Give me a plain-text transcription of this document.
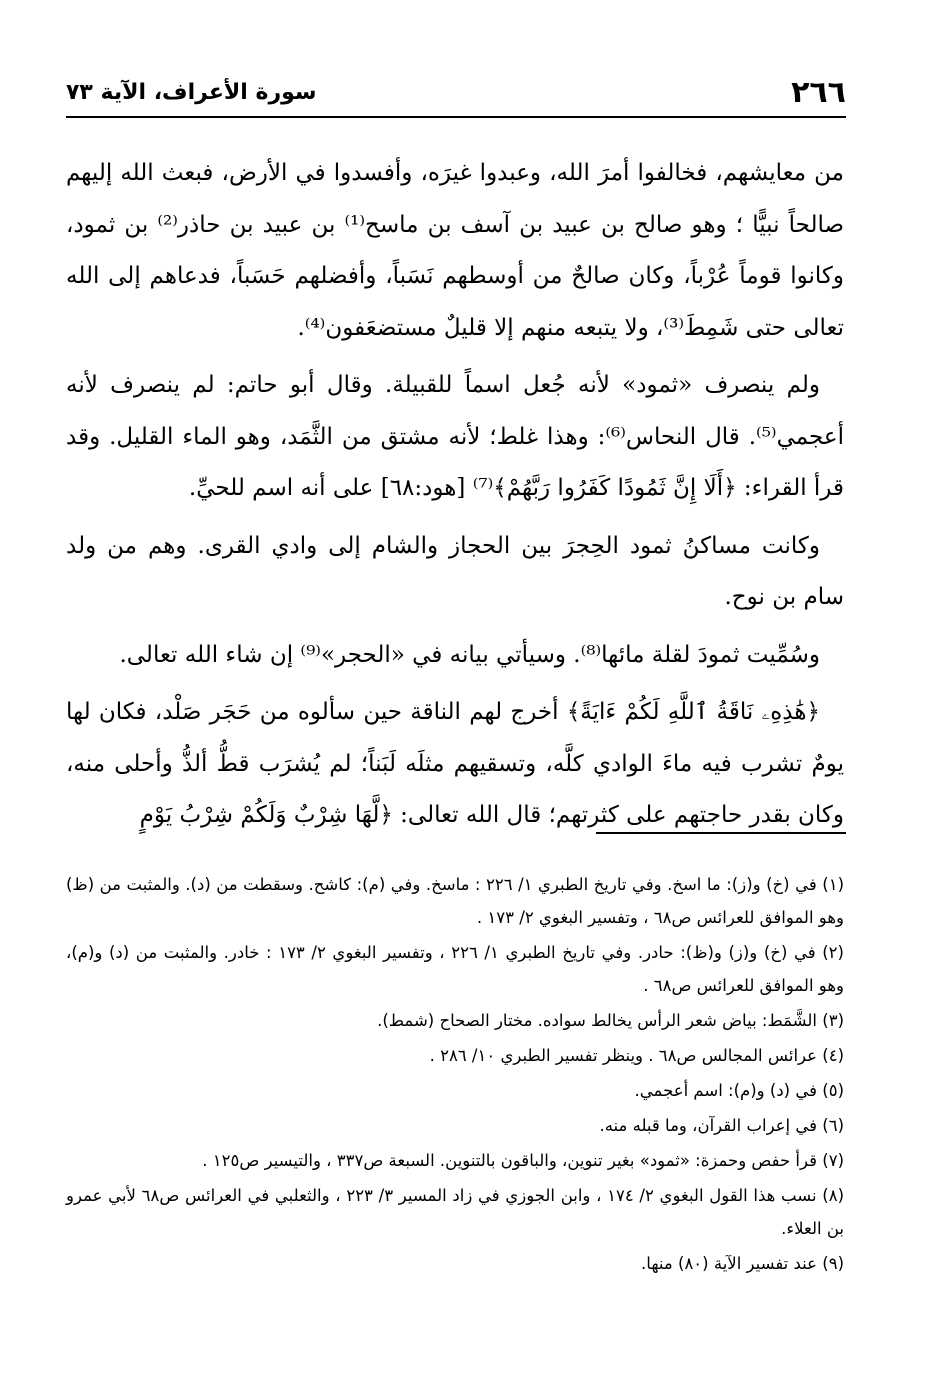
٢٦٦
سورة الأعراف، الآية ٧٣

من معايشهم، فخالفوا أمرَ الله، وعبدوا غيرَه، وأفسدوا في الأرض، فبعث الله إليهم صالحاً نبيًّا ؛ وهو صالح بن عبيد بن آسف بن ماسح⁽¹⁾ بن عبيد بن حاذر⁽²⁾ بن ثمود، وكانوا قوماً عُرْباً، وكان صالحٌ من أوسطهم نَسَباً، وأفضلهم حَسَباً، فدعاهم إلى الله تعالى حتى شَمِطَ⁽³⁾، ولا يتبعه منهم إلا قليلٌ مستضعَفون⁽⁴⁾.

ولم ينصرف «ثمود» لأنه جُعل اسماً للقبيلة. وقال أبو حاتم: لم ينصرف لأنه أعجمي⁽⁵⁾. قال النحاس⁽⁶⁾: وهذا غلط؛ لأنه مشتق من الثَّمَد، وهو الماء القليل. وقد قرأ القراء: ﴿أَلَا إِنَّ ثَمُودًا كَفَرُوا رَبَّهُمْ﴾⁽⁷⁾ [هود:٦٨] على أنه اسم للحيِّ.

وكانت مساكنُ ثمود الحِجرَ بين الحجاز والشام إلى وادي القرى. وهم من ولد سام بن نوح.

وسُمِّيت ثمودَ لقلة مائها⁽⁸⁾. وسيأتي بيانه في «الحجر»⁽⁹⁾ إن شاء الله تعالى.

﴿هَٰذِهِۦ نَاقَةُ ٱللَّهِ لَكُمْ ءَايَةً﴾ أخرج لهم الناقة حين سألوه من حَجَر صَلْد، فكان لها يومٌ تشرب فيه ماءَ الوادي كلَّه، وتسقيهم مثلَه لَبَناً؛ لم يُشرَب قطُّ ألذُّ وأحلى منه، وكان بقدر حاجتهم على كثرتهم؛ قال الله تعالى: ﴿لَّهَا شِرْبٌ وَلَكُمْ شِرْبُ يَوْمٍ

(١) في (خ) و(ز): ما اسخ. وفي تاريخ الطبري ١/ ٢٢٦ : ماسخ. وفي (م): كاشح. وسقطت من (د). والمثبت من (ظ) وهو الموافق للعرائس ص٦٨ ، وتفسير البغوي ٢/ ١٧٣ .
(٢) في (خ) و(ز) و(ظ): حادر. وفي تاريخ الطبري ١/ ٢٢٦ ، وتفسير البغوي ٢/ ١٧٣ : خادر. والمثبت من (د) و(م)، وهو الموافق للعرائس ص٦٨ .
(٣) الشَّمَط: بياض شعر الرأس يخالط سواده. مختار الصحاح (شمط).
(٤) عرائس المجالس ص٦٨ . وينظر تفسير الطبري ١٠/ ٢٨٦ .
(٥) في (د) و(م): اسم أعجمي.
(٦) في إعراب القرآن، وما قبله منه.
(٧) قرأ حفص وحمزة: «ثمود» بغير تنوين، والباقون بالتنوين. السبعة ص٣٣٧ ، والتيسير ص١٢٥ .
(٨) نسب هذا القول البغوي ٢/ ١٧٤ ، وابن الجوزي في زاد المسير ٣/ ٢٢٣ ، والثعلبي في العرائس ص٦٨ لأبي عمرو بن العلاء.
(٩) عند تفسير الآية (٨٠) منها.
